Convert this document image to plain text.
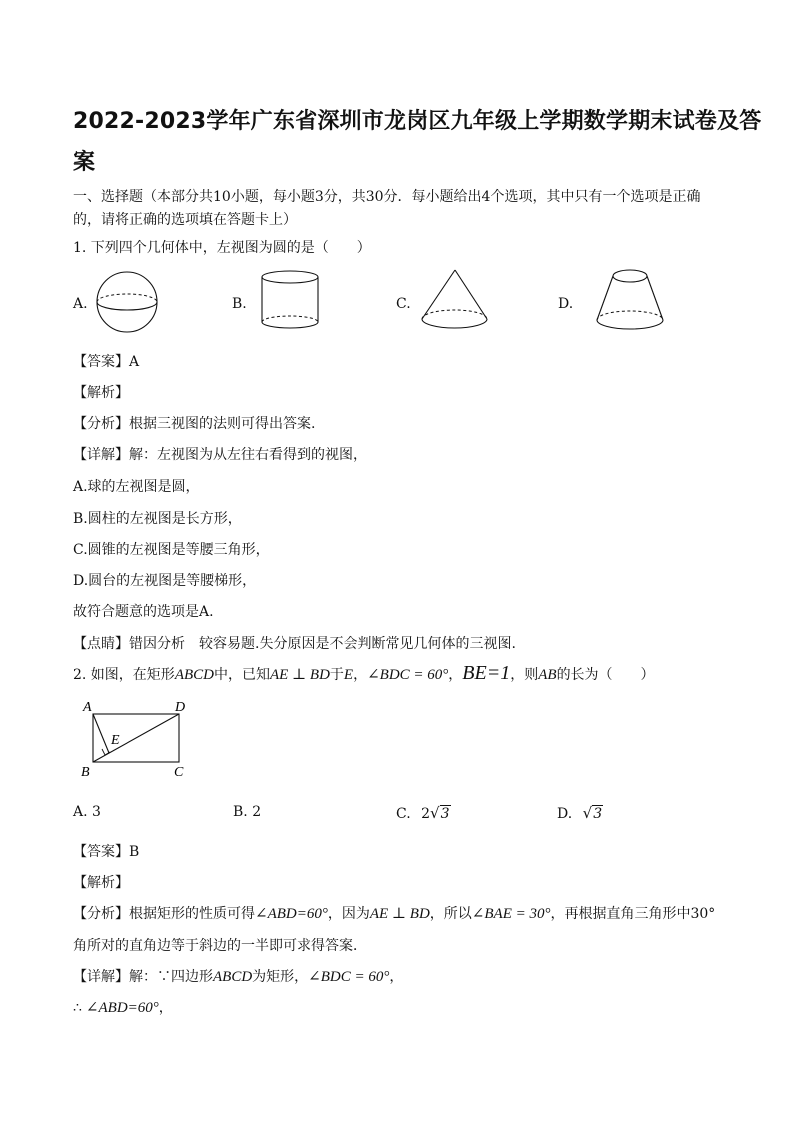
2022-2023学年广东省深圳市龙岗区九年级上学期数学期末试卷及答
案
一、选择题（本部分共10小题，每小题3分，共30分．每小题给出4个选项，其中只有一个选项是正确
的，请将正确的选项填在答题卡上）
1. 下列四个几何体中，左视图为圆的是（　　）
A.	B.	C.	D.
【答案】A
【解析】
【分析】根据三视图的法则可得出答案.
【详解】解：左视图为从左往右看得到的视图，
A.球的左视图是圆，
B.圆柱的左视图是长方形，
C.圆锥的左视图是等腰三角形，
D.圆台的左视图是等腰梯形，
故符合题意的选项是A.
【点睛】错因分析　较容易题.失分原因是不会判断常见几何体的三视图.
2. 如图，在矩形ABCD中，已知AE ⊥ BD于E，∠BDC = 60°，BE=1，则AB的长为（　　）
A	D
E
B	C
A. 3	B. 2	C. 2√3	D. √3
【答案】B
【解析】
【分析】根据矩形的性质可得∠ABD=60°，因为AE ⊥ BD，所以∠BAE = 30°，再根据直角三角形中30°
角所对的直角边等于斜边的一半即可求得答案．
【详解】解：∵四边形ABCD为矩形，∠BDC = 60°，
∴ ∠ABD=60°，
